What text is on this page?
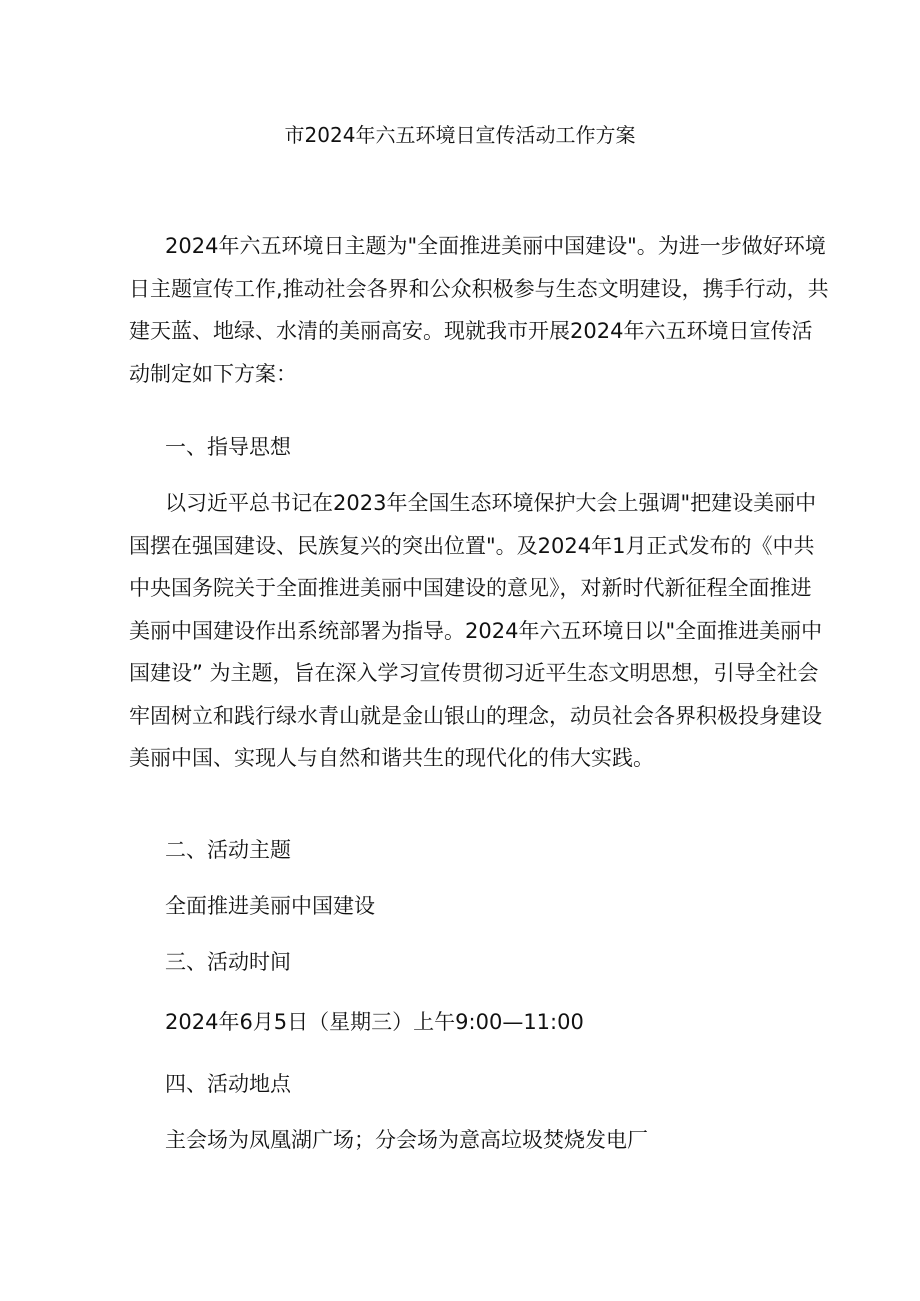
市2024年六五环境日宣传活动工作方案
2024年六五环境日主题为"全面推进美丽中国建设"。为进一步做好环境
日主题宣传工作,推动社会各界和公众积极参与生态文明建设，携手行动，共
建天蓝、地绿、水清的美丽高安。现就我市开展2024年六五环境日宣传活
动制定如下方案：
一、指导思想
以习近平总书记在2023年全国生态环境保护大会上强调"把建设美丽中
国摆在强国建设、民族复兴的突出位置"。及2024年1月正式发布的《中共
中央国务院关于全面推进美丽中国建设的意见》，对新时代新征程全面推进
美丽中国建设作出系统部署为指导。2024年六五环境日以"全面推进美丽中
国建设” 为主题，旨在深入学习宣传贯彻习近平生态文明思想，引导全社会
牢固树立和践行绿水青山就是金山银山的理念，动员社会各界积极投身建设
美丽中国、实现人与自然和谐共生的现代化的伟大实践。
二、活动主题
全面推进美丽中国建设
三、活动时间
2024年6月5日（星期三）上午9:00—11:00
四、活动地点
主会场为凤凰湖广场；分会场为意高垃圾焚烧发电厂
